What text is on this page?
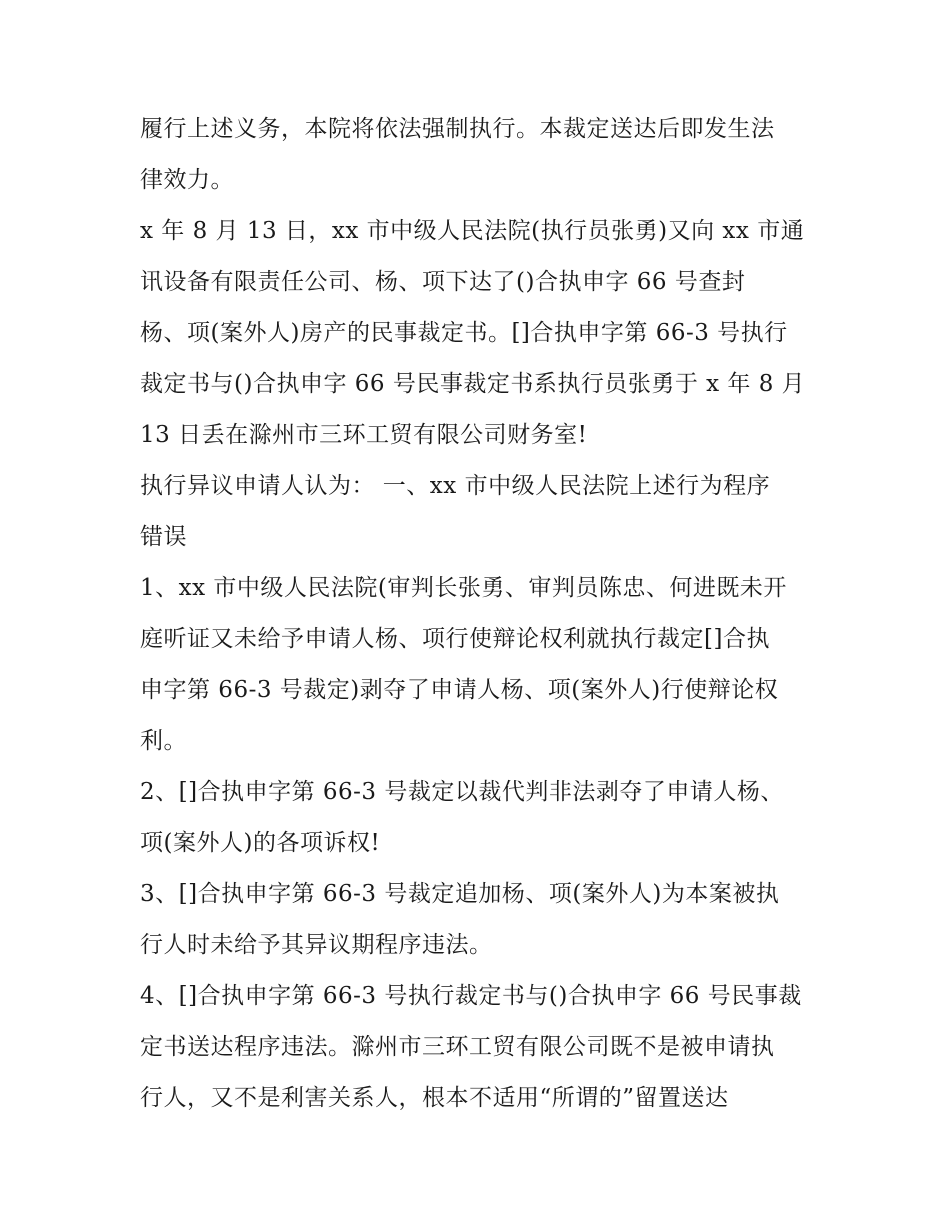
履行上述义务，本院将依法强制执行。本裁定送达后即发生法
律效力。
x 年 8 月 13 日，xx 市中级人民法院(执行员张勇)又向 xx 市通
讯设备有限责任公司、杨、项下达了()合执申字 66 号查封
杨、项(案外人)房产的民事裁定书。[]合执申字第 66-3 号执行
裁定书与()合执申字 66 号民事裁定书系执行员张勇于 x 年 8 月
13 日丢在滁州市三环工贸有限公司财务室!
执行异议申请人认为： 一、xx 市中级人民法院上述行为程序
错误
1、xx 市中级人民法院(审判长张勇、审判员陈忠、何进既未开
庭听证又未给予申请人杨、项行使辩论权利就执行裁定[]合执
申字第 66-3 号裁定)剥夺了申请人杨、项(案外人)行使辩论权
利。
2、[]合执申字第 66-3 号裁定以裁代判非法剥夺了申请人杨、
项(案外人)的各项诉权!
3、[]合执申字第 66-3 号裁定追加杨、项(案外人)为本案被执
行人时未给予其异议期程序违法。
4、[]合执申字第 66-3 号执行裁定书与()合执申字 66 号民事裁
定书送达程序违法。滁州市三环工贸有限公司既不是被申请执
行人，又不是利害关系人，根本不适用“所谓的”留置送达
